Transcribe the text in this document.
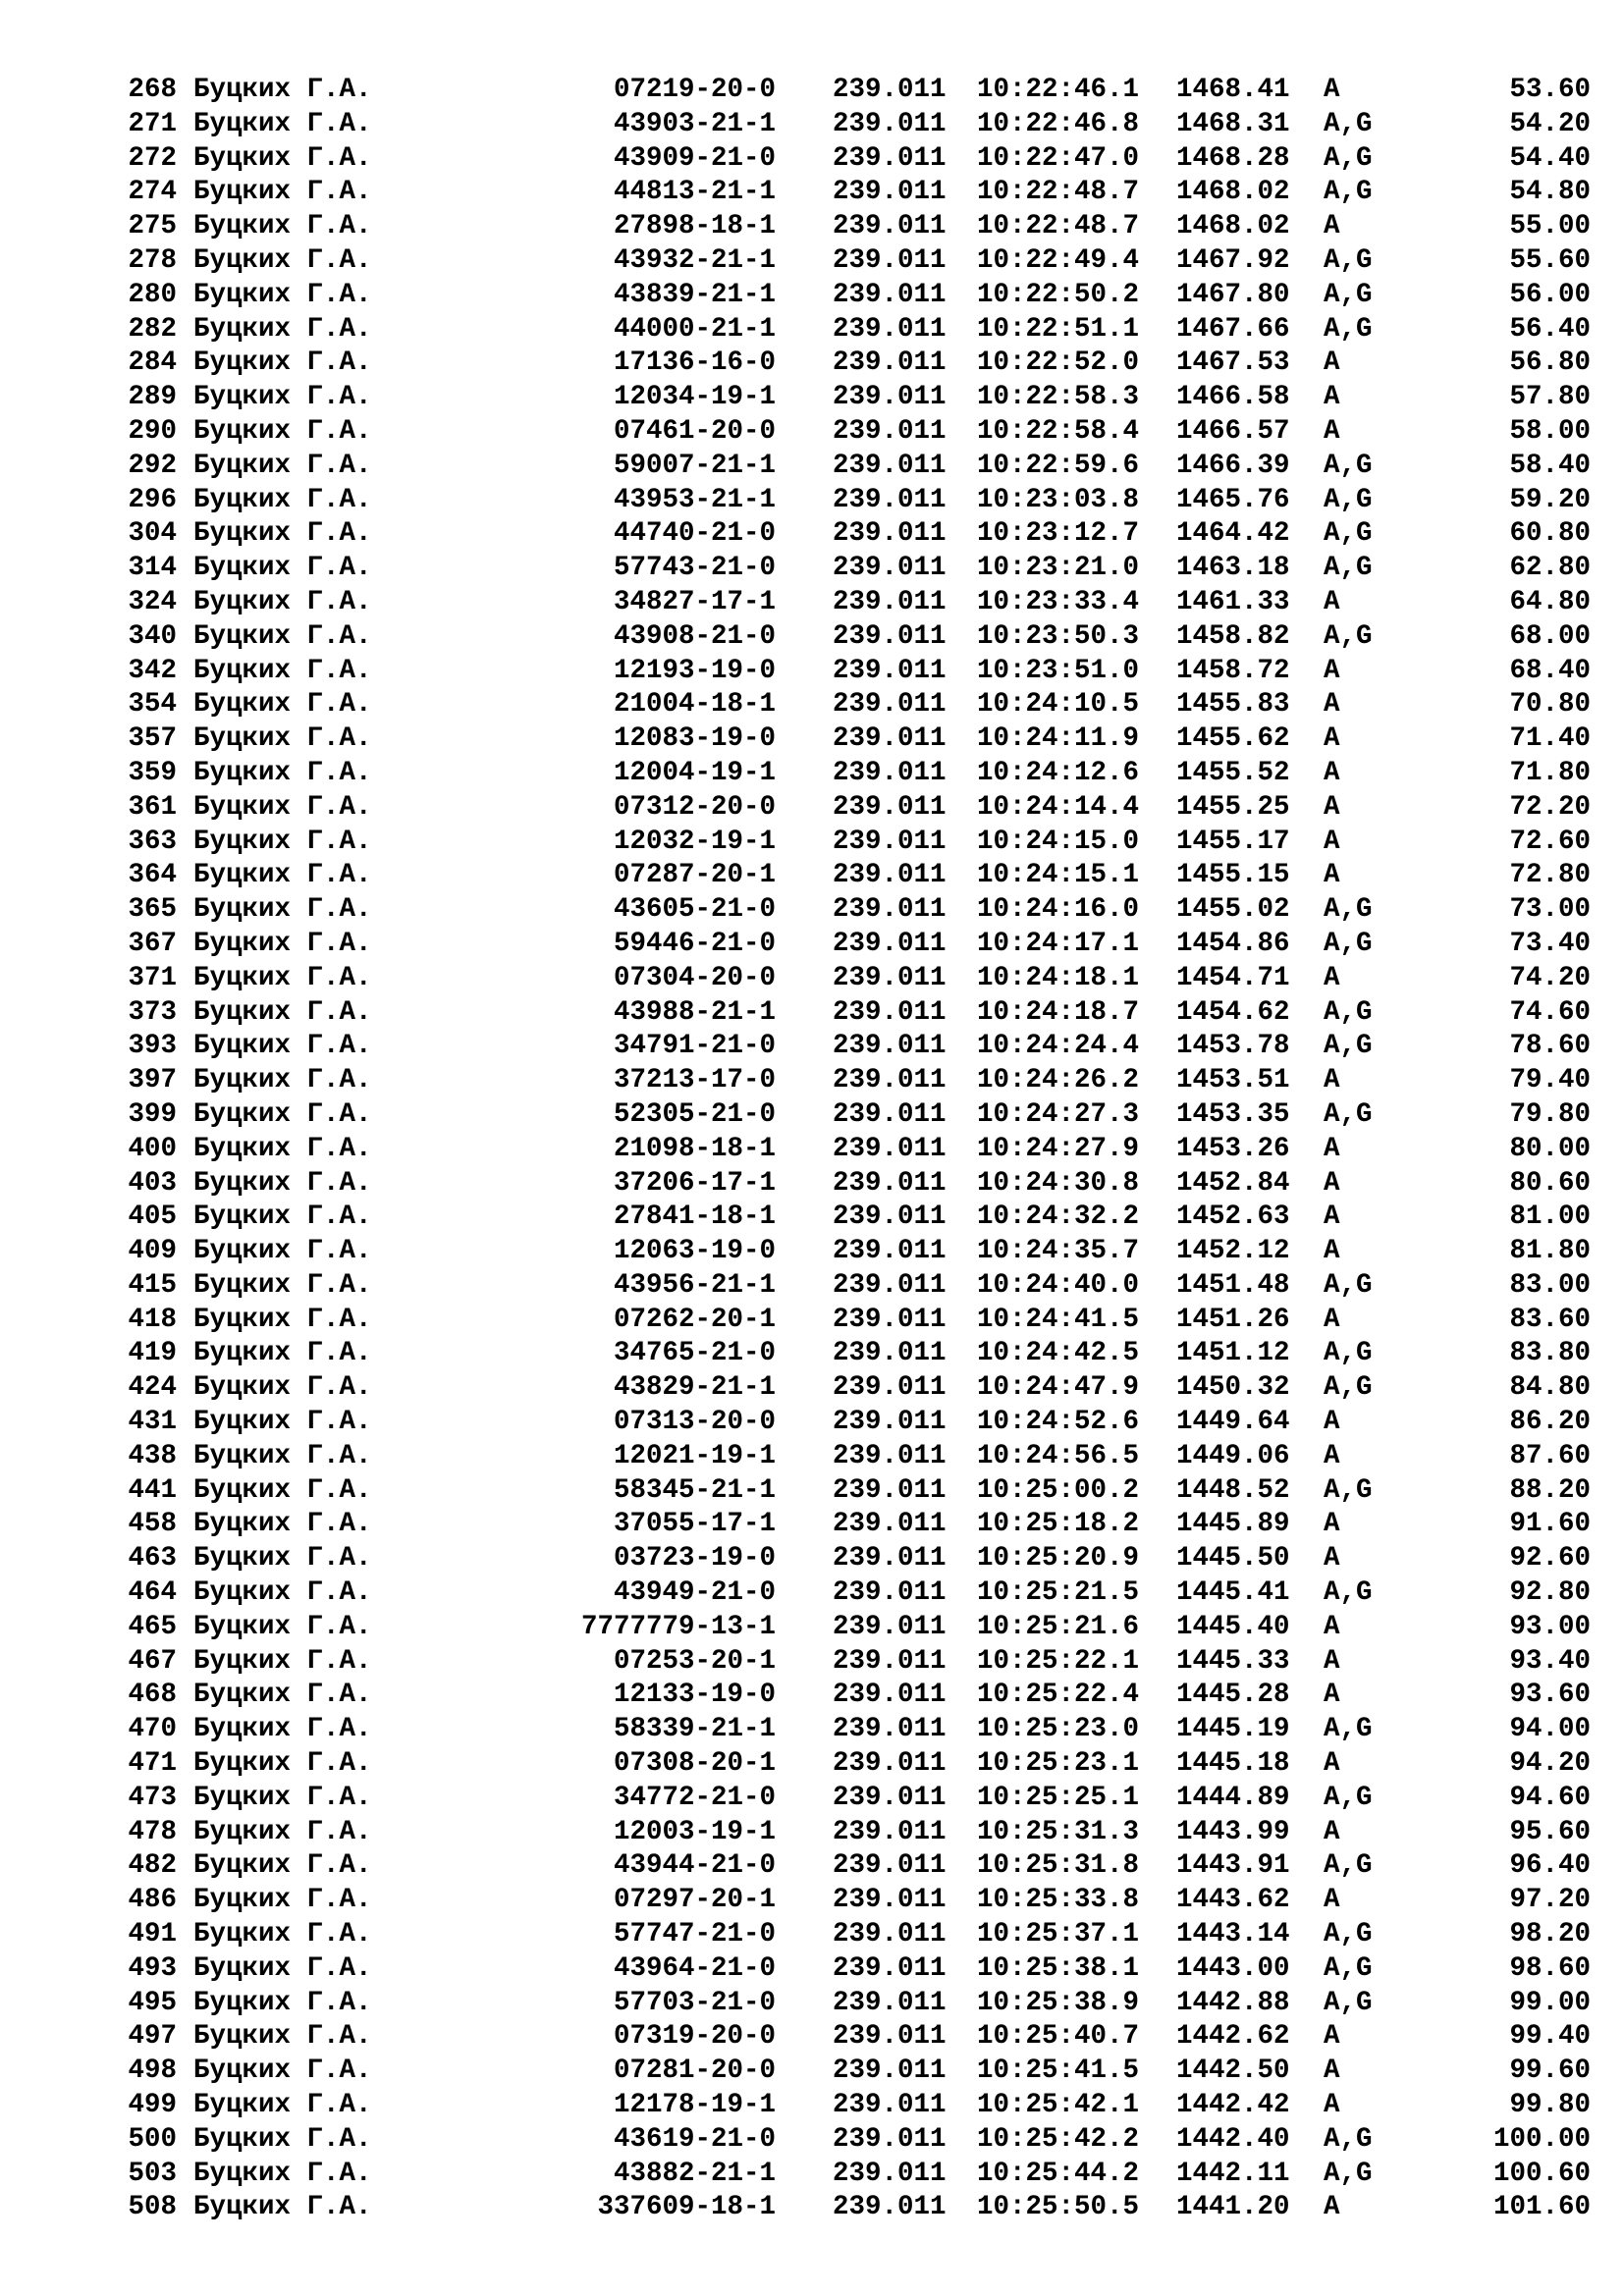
268 Буцких Г.А.	07219-20-0 239.011 10:22:46.1 1468.41 A	53.60
271 Буцких Г.А.	43903-21-1 239.011 10:22:46.8 1468.31 A,G	54.20
272 Буцких Г.А.	43909-21-0 239.011 10:22:47.0 1468.28 A,G	54.40
274 Буцких Г.А.	44813-21-1 239.011 10:22:48.7 1468.02 A,G	54.80
275 Буцких Г.А.	27898-18-1 239.011 10:22:48.7 1468.02 A	55.00
278 Буцких Г.А.	43932-21-1 239.011 10:22:49.4 1467.92 A,G	55.60
280 Буцких Г.А.	43839-21-1 239.011 10:22:50.2 1467.80 A,G	56.00
282 Буцких Г.А.	44000-21-1 239.011 10:22:51.1 1467.66 A,G	56.40
284 Буцких Г.А.	17136-16-0 239.011 10:22:52.0 1467.53 A	56.80
289 Буцких Г.А.	12034-19-1 239.011 10:22:58.3 1466.58 A	57.80
290 Буцких Г.А.	07461-20-0 239.011 10:22:58.4 1466.57 A	58.00
292 Буцких Г.А.	59007-21-1 239.011 10:22:59.6 1466.39 A,G	58.40
296 Буцких Г.А.	43953-21-1 239.011 10:23:03.8 1465.76 A,G	59.20
304 Буцких Г.А.	44740-21-0 239.011 10:23:12.7 1464.42 A,G	60.80
314 Буцких Г.А.	57743-21-0 239.011 10:23:21.0 1463.18 A,G	62.80
324 Буцких Г.А.	34827-17-1 239.011 10:23:33.4 1461.33 A	64.80
340 Буцких Г.А.	43908-21-0 239.011 10:23:50.3 1458.82 A,G	68.00
342 Буцких Г.А.	12193-19-0 239.011 10:23:51.0 1458.72 A	68.40
354 Буцких Г.А.	21004-18-1 239.011 10:24:10.5 1455.83 A	70.80
357 Буцких Г.А.	12083-19-0 239.011 10:24:11.9 1455.62 A	71.40
359 Буцких Г.А.	12004-19-1 239.011 10:24:12.6 1455.52 A	71.80
361 Буцких Г.А.	07312-20-0 239.011 10:24:14.4 1455.25 A	72.20
363 Буцких Г.А.	12032-19-1 239.011 10:24:15.0 1455.17 A	72.60
364 Буцких Г.А.	07287-20-1 239.011 10:24:15.1 1455.15 A	72.80
365 Буцких Г.А.	43605-21-0 239.011 10:24:16.0 1455.02 A,G	73.00
367 Буцких Г.А.	59446-21-0 239.011 10:24:17.1 1454.86 A,G	73.40
371 Буцких Г.А.	07304-20-0 239.011 10:24:18.1 1454.71 A	74.20
373 Буцких Г.А.	43988-21-1 239.011 10:24:18.7 1454.62 A,G	74.60
393 Буцких Г.А.	34791-21-0 239.011 10:24:24.4 1453.78 A,G	78.60
397 Буцких Г.А.	37213-17-0 239.011 10:24:26.2 1453.51 A	79.40
399 Буцких Г.А.	52305-21-0 239.011 10:24:27.3 1453.35 A,G	79.80
400 Буцких Г.А.	21098-18-1 239.011 10:24:27.9 1453.26 A	80.00
403 Буцких Г.А.	37206-17-1 239.011 10:24:30.8 1452.84 A	80.60
405 Буцких Г.А.	27841-18-1 239.011 10:24:32.2 1452.63 A	81.00
409 Буцких Г.А.	12063-19-0 239.011 10:24:35.7 1452.12 A	81.80
415 Буцких Г.А.	43956-21-1 239.011 10:24:40.0 1451.48 A,G	83.00
418 Буцких Г.А.	07262-20-1 239.011 10:24:41.5 1451.26 A	83.60
419 Буцких Г.А.	34765-21-0 239.011 10:24:42.5 1451.12 A,G	83.80
424 Буцких Г.А.	43829-21-1 239.011 10:24:47.9 1450.32 A,G	84.80
431 Буцких Г.А.	07313-20-0 239.011 10:24:52.6 1449.64 A	86.20
438 Буцких Г.А.	12021-19-1 239.011 10:24:56.5 1449.06 A	87.60
441 Буцких Г.А.	58345-21-1 239.011 10:25:00.2 1448.52 A,G	88.20
458 Буцких Г.А.	37055-17-1 239.011 10:25:18.2 1445.89 A	91.60
463 Буцких Г.А.	03723-19-0 239.011 10:25:20.9 1445.50 A	92.60
464 Буцких Г.А.	43949-21-0 239.011 10:25:21.5 1445.41 A,G	92.80
465 Буцких Г.А.	7777779-13-1 239.011 10:25:21.6 1445.40 A	93.00
467 Буцких Г.А.	07253-20-1 239.011 10:25:22.1 1445.33 A	93.40
468 Буцких Г.А.	12133-19-0 239.011 10:25:22.4 1445.28 A	93.60
470 Буцких Г.А.	58339-21-1 239.011 10:25:23.0 1445.19 A,G	94.00
471 Буцких Г.А.	07308-20-1 239.011 10:25:23.1 1445.18 A	94.20
473 Буцких Г.А.	34772-21-0 239.011 10:25:25.1 1444.89 A,G	94.60
478 Буцких Г.А.	12003-19-1 239.011 10:25:31.3 1443.99 A	95.60
482 Буцких Г.А.	43944-21-0 239.011 10:25:31.8 1443.91 A,G	96.40
486 Буцких Г.А.	07297-20-1 239.011 10:25:33.8 1443.62 A	97.20
491 Буцких Г.А.	57747-21-0 239.011 10:25:37.1 1443.14 A,G	98.20
493 Буцких Г.А.	43964-21-0 239.011 10:25:38.1 1443.00 A,G	98.60
495 Буцких Г.А.	57703-21-0 239.011 10:25:38.9 1442.88 A,G	99.00
497 Буцких Г.А.	07319-20-0 239.011 10:25:40.7 1442.62 A	99.40
498 Буцких Г.А.	07281-20-0 239.011 10:25:41.5 1442.50 A	99.60
499 Буцких Г.А.	12178-19-1 239.011 10:25:42.1 1442.42 A	99.80
500 Буцких Г.А.	43619-21-0 239.011 10:25:42.2 1442.40 A,G	100.00
503 Буцких Г.А.	43882-21-1 239.011 10:25:44.2 1442.11 A,G	100.60
508 Буцких Г.А.	337609-18-1 239.011 10:25:50.5 1441.20 A	101.60
